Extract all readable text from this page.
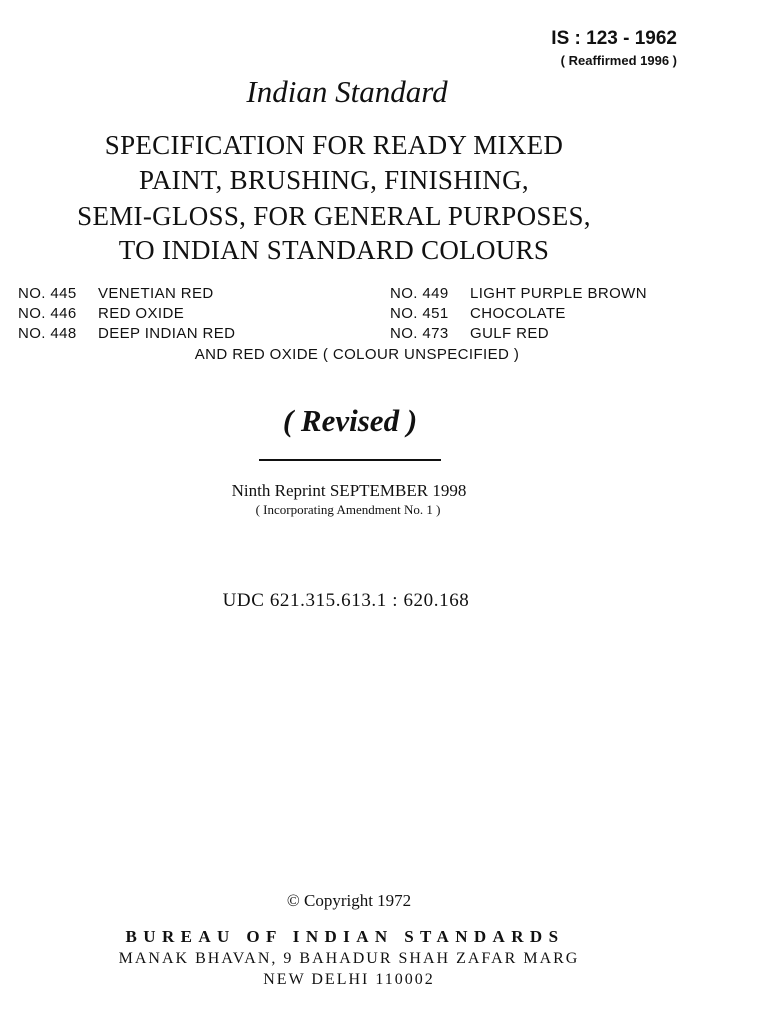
IS : 123 - 1962
( Reaffirmed 1996 )
Indian Standard
SPECIFICATION FOR READY MIXED
PAINT, BRUSHING, FINISHING,
SEMI-GLOSS, FOR GENERAL PURPOSES,
TO INDIAN STANDARD COLOURS
NO. 445 VENETIAN RED
NO. 446 RED OXIDE
NO. 448 DEEP INDIAN RED
NO. 449 LIGHT PURPLE BROWN
NO. 451 CHOCOLATE
NO. 473 GULF RED
AND RED OXIDE ( COLOUR UNSPECIFIED )
( Revised )
Ninth Reprint SEPTEMBER 1998
( Incorporating Amendment No. 1 )
UDC 621.315.613.1 : 620.168
© Copyright 1972
BUREAU OF INDIAN STANDARDS
MANAK BHAVAN, 9 BAHADUR SHAH ZAFAR MARG
NEW DELHI 110002
